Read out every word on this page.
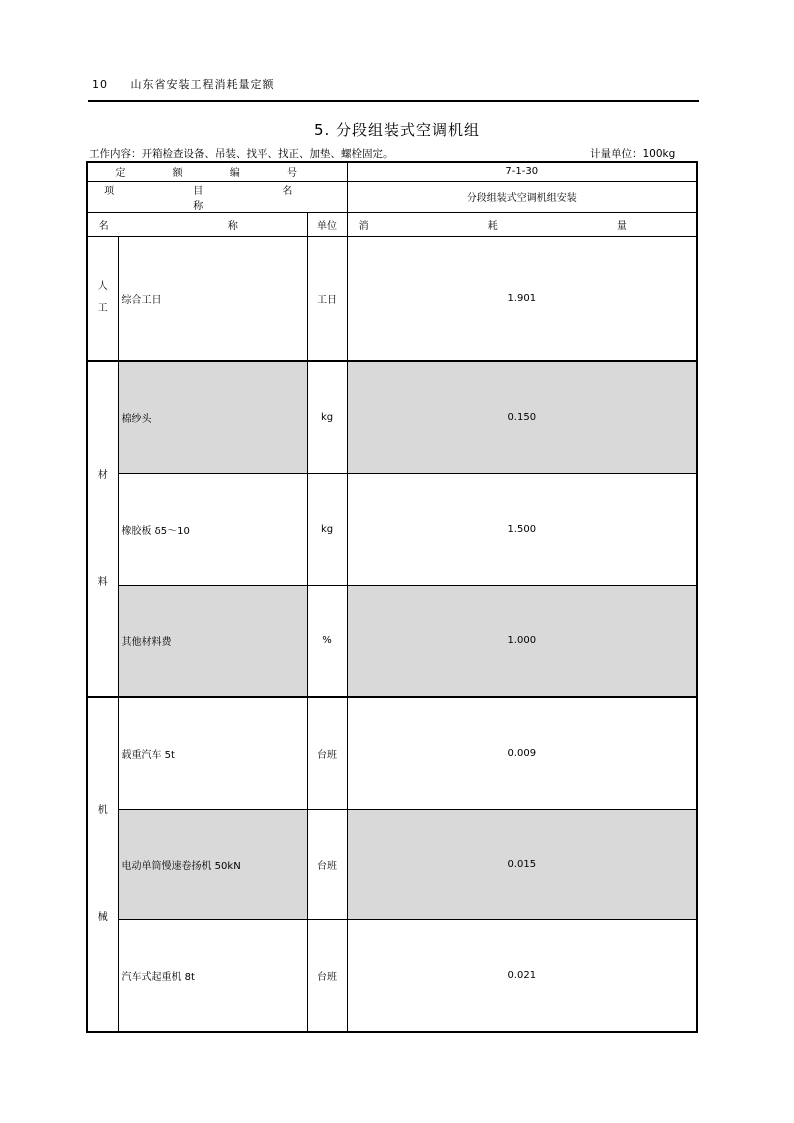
10 山东省安装工程消耗量定额
5. 分段组装式空调机组
工作内容：开箱检查设备、吊装、找平、找正、加垫、螺栓固定。	计量单位：100kg
定 额 编 号			7-1-30
项 目 名 称			分段组装式空调机组安装
名 称		单位	消 耗 量

人
工	综合工日	工日	1.901

材
料	棉纱头	kg	0.150
	橡胶板 δ5～10	kg	1.500
	其他材料费	%	1.000

机
械	载重汽车 5t	台班	0.009
	电动单筒慢速卷扬机 50kN	台班	0.015
	汽车式起重机 8t	台班	0.021
